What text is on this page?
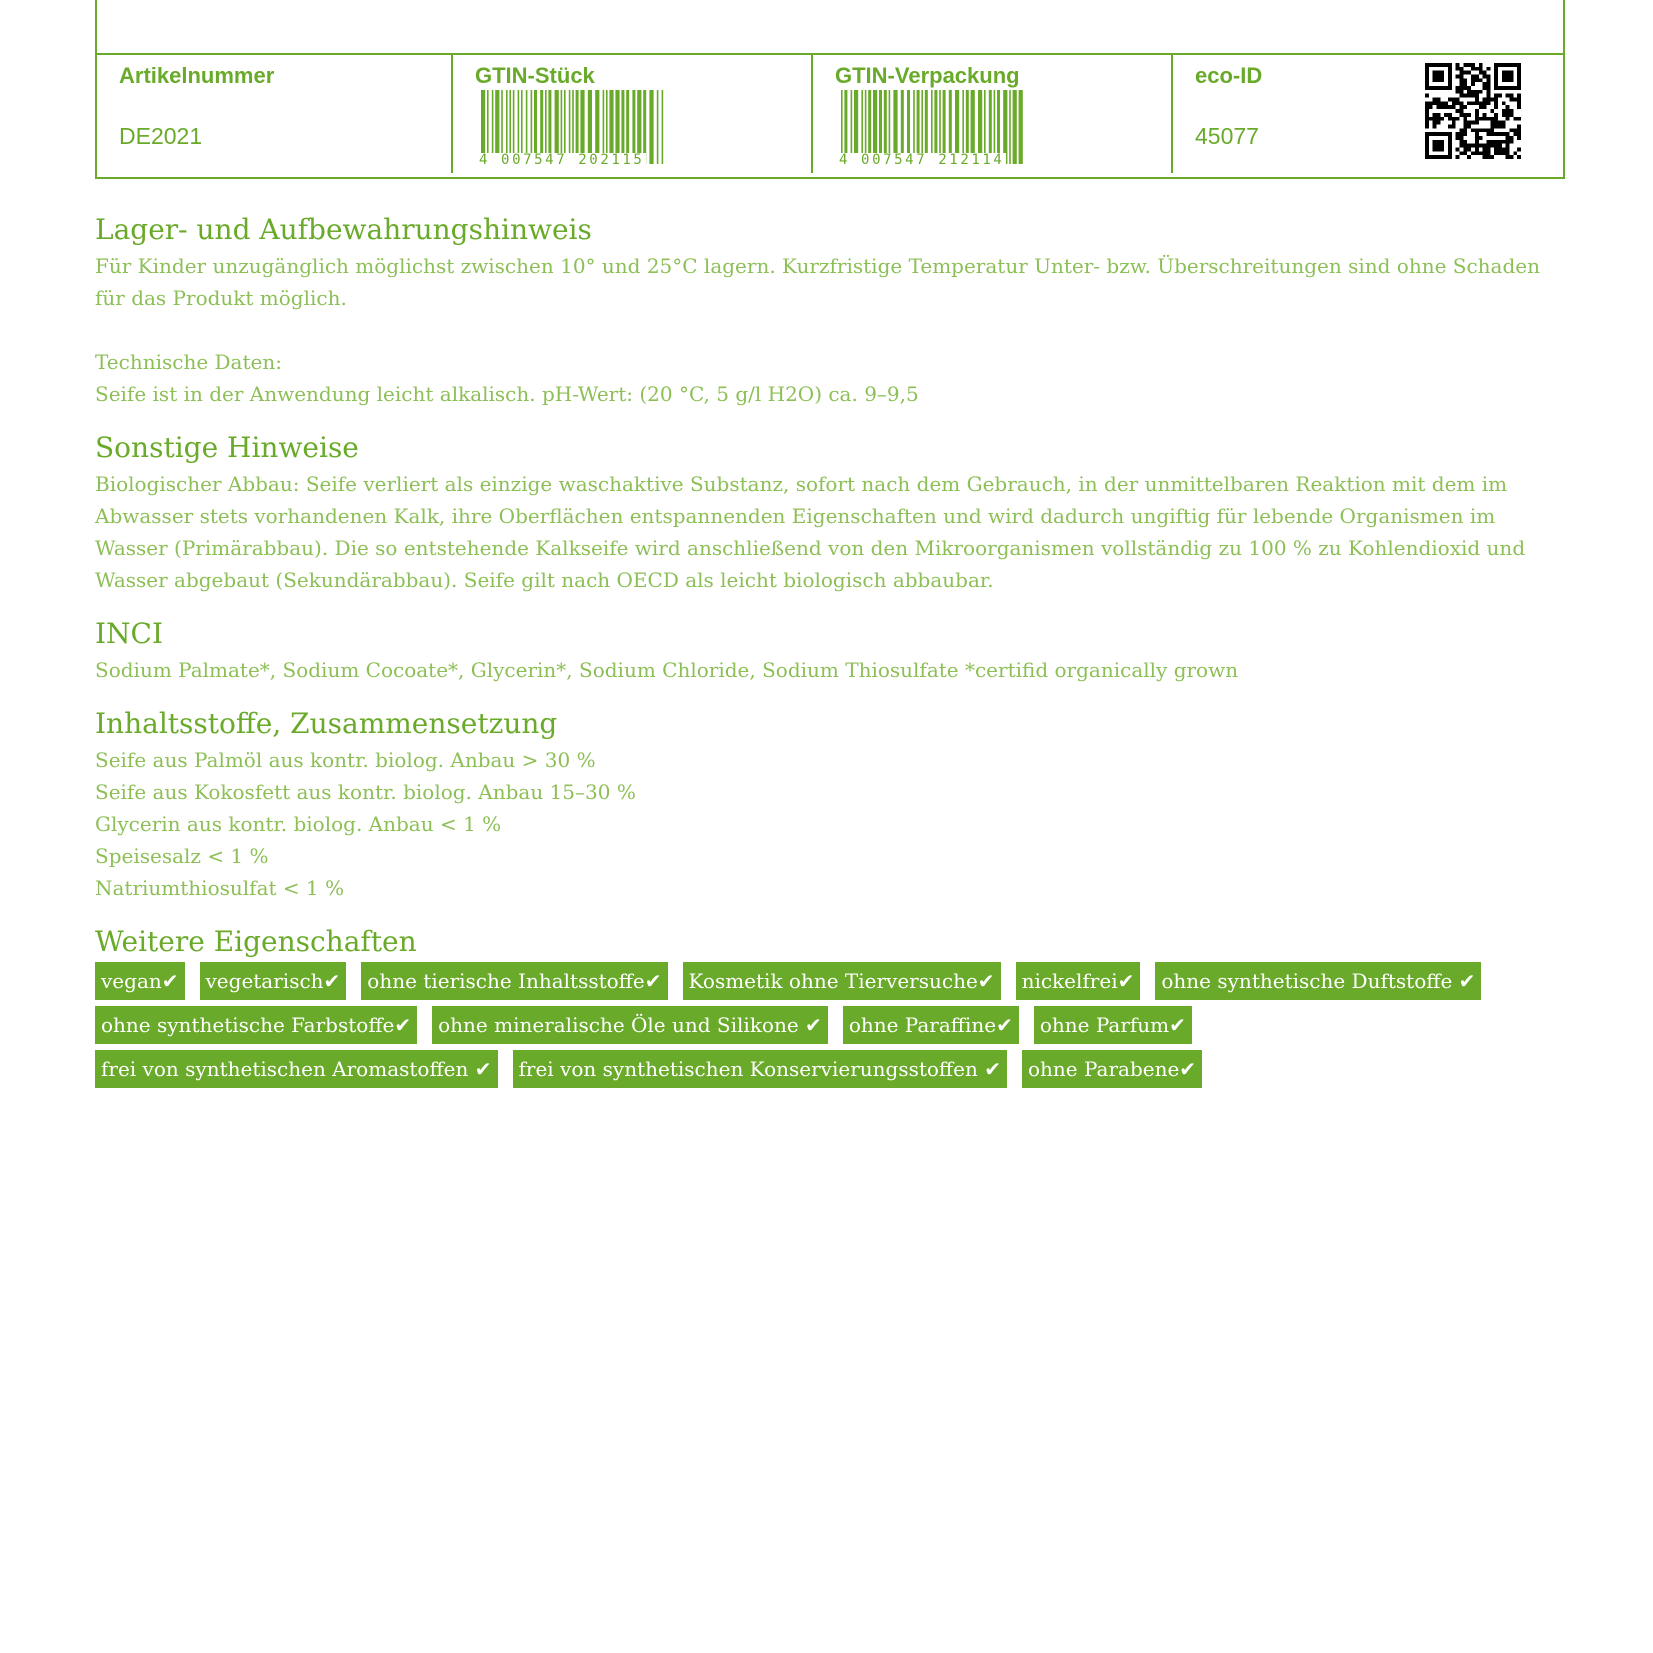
Artikelnummer
DE2021
GTIN-Stück
4 007547 202115
GTIN-Verpackung
4 007547 212114
eco-ID
45077
Lager- und Aufbewahrungshinweis

Für Kinder unzugänglich möglichst zwischen 10° und 25°C lagern. Kurzfristige Temperatur Unter- bzw. Überschreitungen sind ohne Schaden für das Produkt möglich.

Technische Daten:

Seife ist in der Anwendung leicht alkalisch. pH-Wert: (20 °C, 5 g/l H2O) ca. 9–9,5

Sonstige Hinweise

Biologischer Abbau: Seife verliert als einzige waschaktive Substanz, sofort nach dem Gebrauch, in der unmittelbaren Reaktion mit dem im Abwasser stets vorhandenen Kalk, ihre Oberflächen entspannenden Eigenschaften und wird dadurch ungiftig für lebende Organismen im Wasser (Primärabbau). Die so entstehende Kalkseife wird anschließend von den Mikroorganismen vollständig zu 100 % zu Kohlendioxid und Wasser abgebaut (Sekundärabbau). Seife gilt nach OECD als leicht biologisch abbaubar.

INCI

Sodium Palmate*, Sodium Cocoate*, Glycerin*, Sodium Chloride, Sodium Thiosulfate *certifid organically grown

Inhaltsstoffe, Zusammensetzung

Seife aus Palmöl aus kontr. biolog. Anbau > 30 %

Seife aus Kokosfett aus kontr. biolog. Anbau 15–30 %

Glycerin aus kontr. biolog. Anbau < 1 %

Speisesalz < 1 %

Natriumthiosulfat < 1 %

Weitere Eigenschaften
vegan✔	vegetarisch✔	ohne tierische Inhaltsstoffe✔	Kosmetik ohne Tierversuche✔	nickelfrei✔	ohne synthetische Duftstoffe ✔
ohne synthetische Farbstoffe✔	ohne mineralische Öle und Silikone ✔	ohne Paraffine✔	ohne Parfum✔
frei von synthetischen Aromastoffen ✔	frei von synthetischen Konservierungsstoffen ✔	ohne Parabene✔
